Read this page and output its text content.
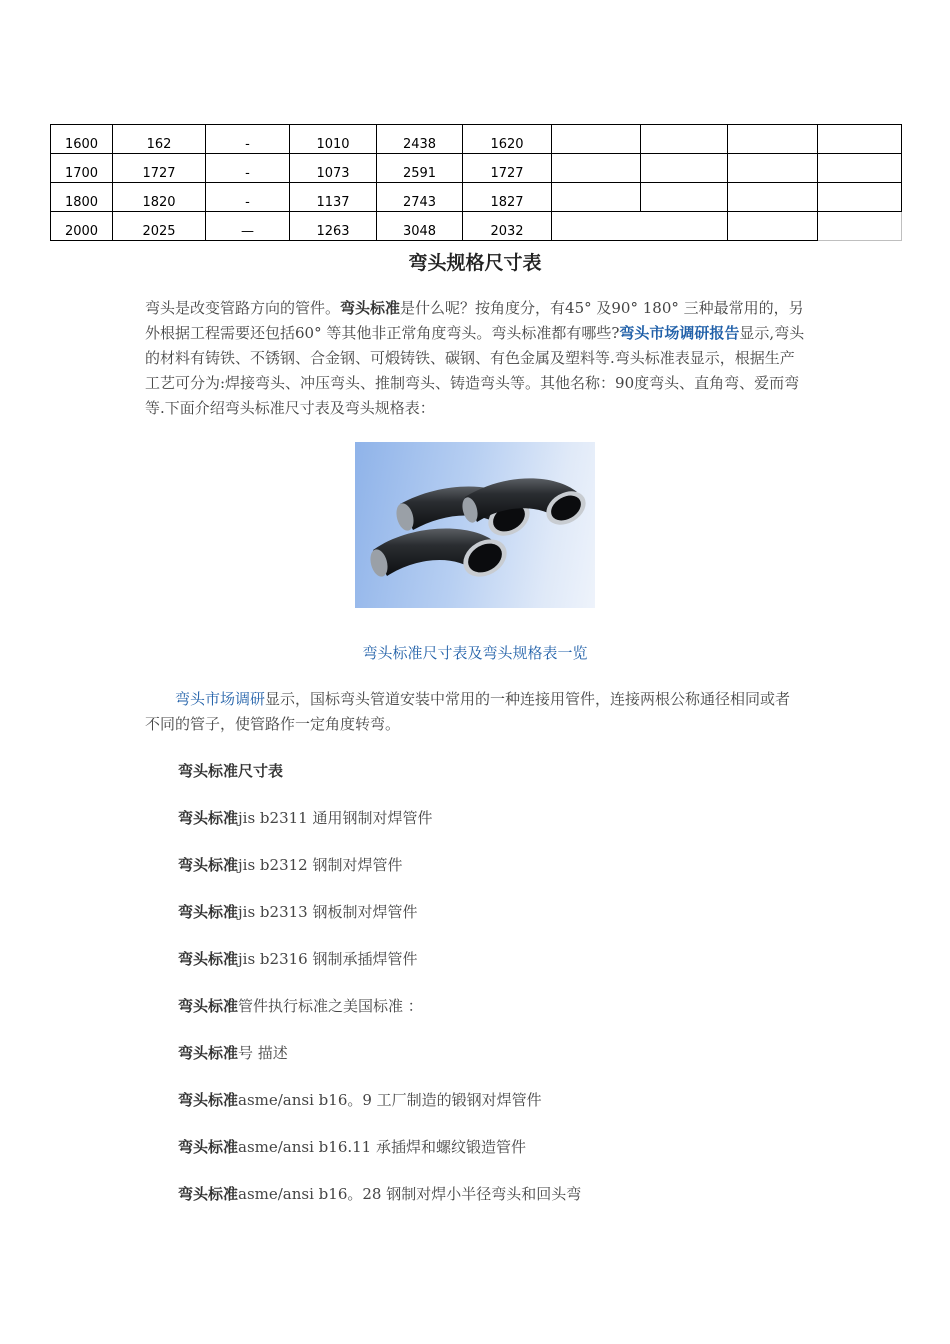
1600	162	-	1010	2438	1620				
1700	1727	-	1073	2591	1727				
1800	1820	-	1137	2743	1827				
2000	2025	—	1263	3048	2032				
弯头规格尺寸表
弯头是改变管路方向的管件。弯头标准是什么呢？按角度分，有45° 及90° 180° 三种最常用的，另外根据工程需要还包括60° 等其他非正常角度弯头。弯头标准都有哪些?弯头市场调研报告显示,弯头的材料有铸铁、不锈钢、合金钢、可煅铸铁、碳钢、有色金属及塑料等.弯头标准表显示，根据生产工艺可分为:焊接弯头、冲压弯头、推制弯头、铸造弯头等。其他名称：90度弯头、直角弯、爱而弯等.下面介绍弯头标准尺寸表及弯头规格表：
弯头标准尺寸表及弯头规格表一览
　　弯头市场调研显示，国标弯头管道安装中常用的一种连接用管件，连接两根公称通径相同或者不同的管子，使管路作一定角度转弯。
弯头标准尺寸表
弯头标准jis b2311 通用钢制对焊管件
弯头标准jis b2312 钢制对焊管件
弯头标准jis b2313 钢板制对焊管件
弯头标准jis b2316 钢制承插焊管件
弯头标准管件执行标准之美国标准 ：
弯头标准号 描述
弯头标准asme/ansi b16。9 工厂制造的锻钢对焊管件
弯头标准asme/ansi b16.11 承插焊和螺纹锻造管件
弯头标准asme/ansi b16。28 钢制对焊小半径弯头和回头弯
